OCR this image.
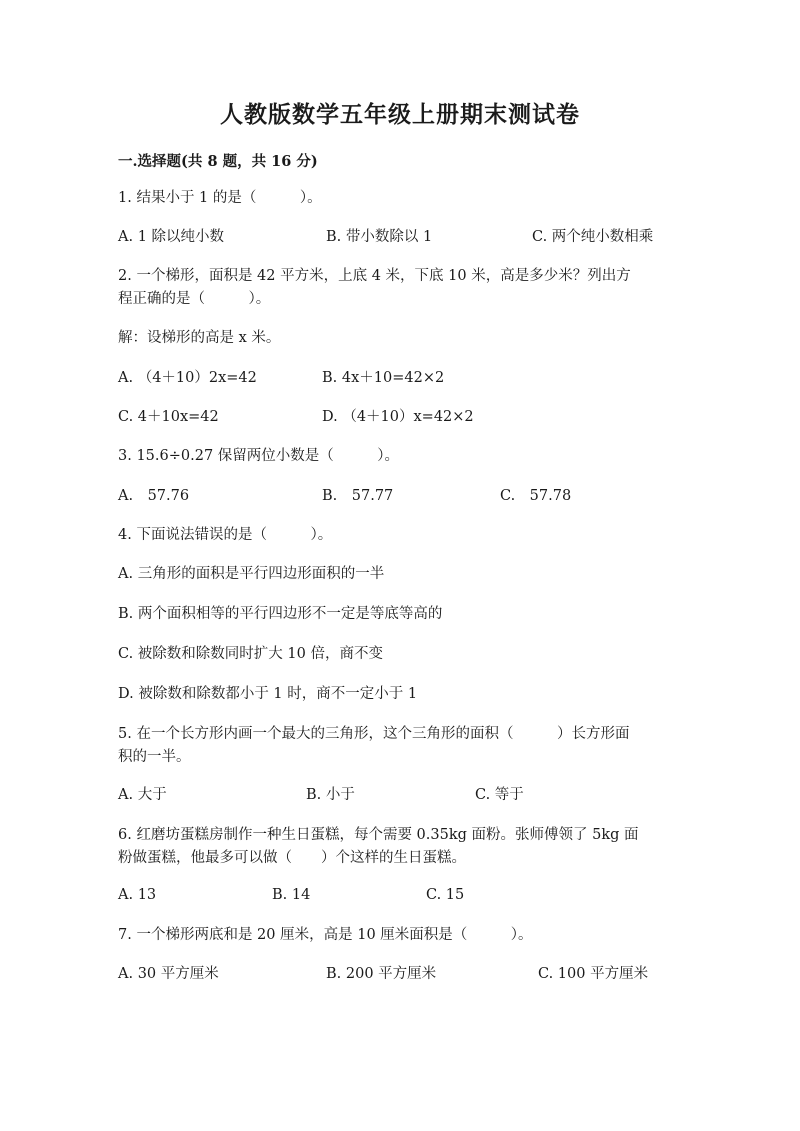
人教版数学五年级上册期末测试卷
一.选择题(共 8 题，共 16 分)

1. 结果小于 1 的是（　　　）。

A. 1 除以纯小数	B. 带小数除以 1	C. 两个纯小数相乘

2. 一个梯形，面积是 42 平方米，上底 4 米，下底 10 米，高是多少米？列出方

程正确的是（　　　）。

解：设梯形的高是 x 米。

A. （4＋10）2x=42	B. 4x＋10=42×2
C. 4＋10x=42	D. （4＋10）x=42×2

3. 15.6÷0.27 保留两位小数是（　　　）。

A.　57.76	B.　57.77	C.　57.78

4. 下面说法错误的是（　　　）。

A. 三角形的面积是平行四边形面积的一半

B. 两个面积相等的平行四边形不一定是等底等高的

C. 被除数和除数同时扩大 10 倍，商不变

D. 被除数和除数都小于 1 时，商不一定小于 1

5. 在一个长方形内画一个最大的三角形，这个三角形的面积（　　　）长方形面

积的一半。

A. 大于	B. 小于	C. 等于

6. 红磨坊蛋糕房制作一种生日蛋糕，每个需要 0.35kg 面粉。张师傅领了 5kg 面

粉做蛋糕，他最多可以做（　　）个这样的生日蛋糕。

A. 13	B. 14	C. 15

7. 一个梯形两底和是 20 厘米，高是 10 厘米面积是（　　　）。

A. 30 平方厘米	B. 200 平方厘米	C. 100 平方厘米
